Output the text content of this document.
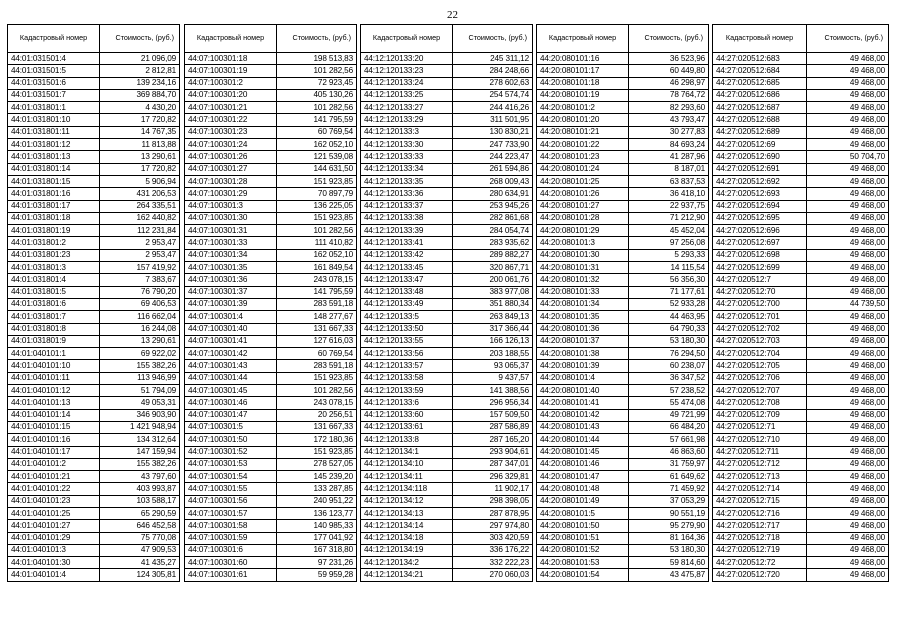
22
Кадастровый номер	Стоимость, (руб.)
44:01:031501:4	21 096,09
44:01:031501:5	2 812,81
44:01:031501:6	139 234,16
44:01:031501:7	369 884,70
44:01:031801:1	4 430,20
44:01:031801:10	17 720,82
44:01:031801:11	14 767,35
44:01:031801:12	11 813,88
44:01:031801:13	13 290,61
44:01:031801:14	17 720,82
44:01:031801:15	5 906,94
44:01:031801:16	431 206,53
44:01:031801:17	264 335,51
44:01:031801:18	162 440,82
44:01:031801:19	112 231,84
44:01:031801:2	2 953,47
44:01:031801:23	2 953,47
44:01:031801:3	157 419,92
44:01:031801:4	7 383,67
44:01:031801:5	76 790,20
44:01:031801:6	69 406,53
44:01:031801:7	116 662,04
44:01:031801:8	16 244,08
44:01:031801:9	13 290,61
44:01:040101:1	69 922,02
44:01:040101:10	155 382,26
44:01:040101:11	113 946,99
44:01:040101:12	51 794,09
44:01:040101:13	49 053,31
44:01:040101:14	346 903,90
44:01:040101:15	1 421 948,94
44:01:040101:16	134 312,64
44:01:040101:17	147 159,94
44:01:040101:2	155 382,26
44:01:040101:21	43 797,60
44:01:040101:22	403 993,87
44:01:040101:23	103 588,17
44:01:040101:25	65 290,59
44:01:040101:27	646 452,58
44:01:040101:29	75 770,08
44:01:040101:3	47 909,53
44:01:040101:30	41 435,27
44:01:040101:4	124 305,81
Кадастровый номер	Стоимость, (руб.)
44:07:100301:18	198 513,83
44:07:100301:19	101 282,56
44:07:100301:2	72 923,45
44:07:100301:20	405 130,26
44:07:100301:21	101 282,56
44:07:100301:22	141 795,59
44:07:100301:23	60 769,54
44:07:100301:24	162 052,10
44:07:100301:26	121 539,08
44:07:100301:27	144 631,50
44:07:100301:28	151 923,85
44:07:100301:29	70 897,79
44:07:100301:3	136 225,05
44:07:100301:30	151 923,85
44:07:100301:31	101 282,56
44:07:100301:33	111 410,82
44:07:100301:34	162 052,10
44:07:100301:35	161 849,54
44:07:100301:36	243 078,15
44:07:100301:37	141 795,59
44:07:100301:39	283 591,18
44:07:100301:4	148 277,67
44:07:100301:40	131 667,33
44:07:100301:41	127 616,03
44:07:100301:42	60 769,54
44:07:100301:43	283 591,18
44:07:100301:44	151 923,85
44:07:100301:45	101 282,56
44:07:100301:46	243 078,15
44:07:100301:47	20 256,51
44:07:100301:5	131 667,33
44:07:100301:50	172 180,36
44:07:100301:52	151 923,85
44:07:100301:53	278 527,05
44:07:100301:54	145 239,20
44:07:100301:55	133 287,85
44:07:100301:56	240 951,22
44:07:100301:57	136 123,77
44:07:100301:58	140 985,33
44:07:100301:59	177 041,92
44:07:100301:6	167 318,80
44:07:100301:60	97 231,26
44:07:100301:61	59 959,28
Кадастровый номер	Стоимость, (руб.)
44:12:120133:20	245 311,12
44:12:120133:23	284 248,66
44:12:120133:24	278 602,63
44:12:120133:25	254 574,74
44:12:120133:27	244 416,26
44:12:120133:29	311 501,95
44:12:120133:3	130 830,21
44:12:120133:30	247 733,90
44:12:120133:33	244 223,47
44:12:120133:34	261 594,86
44:12:120133:35	268 009,43
44:12:120133:36	280 634,91
44:12:120133:37	253 945,26
44:12:120133:38	282 861,68
44:12:120133:39	284 054,74
44:12:120133:41	283 935,62
44:12:120133:42	289 882,27
44:12:120133:45	320 867,71
44:12:120133:47	200 061,76
44:12:120133:48	383 977,08
44:12:120133:49	351 880,34
44:12:120133:5	263 849,13
44:12:120133:50	317 366,44
44:12:120133:55	166 126,13
44:12:120133:56	203 188,55
44:12:120133:57	93 065,37
44:12:120133:58	9 437,57
44:12:120133:59	141 388,56
44:12:120133:6	296 956,34
44:12:120133:60	157 509,50
44:12:120133:61	287 586,89
44:12:120133:8	287 165,20
44:12:120134:1	293 904,61
44:12:120134:10	287 347,01
44:12:120134:11	296 329,81
44:12:120134:118	11 902,17
44:12:120134:12	298 398,05
44:12:120134:13	287 878,95
44:12:120134:14	297 974,80
44:12:120134:18	303 420,59
44:12:120134:19	336 176,22
44:12:120134:2	332 222,23
44:12:120134:21	270 060,03
Кадастровый номер	Стоимость, (руб.)
44:20:080101:16	36 523,96
44:20:080101:17	60 449,80
44:20:080101:18	46 298,97
44:20:080101:19	78 764,72
44:20:080101:2	82 293,60
44:20:080101:20	43 793,47
44:20:080101:21	30 277,83
44:20:080101:22	84 693,24
44:20:080101:23	41 287,96
44:20:080101:24	8 187,01
44:20:080101:25	63 837,53
44:20:080101:26	36 418,10
44:20:080101:27	22 937,75
44:20:080101:28	71 212,90
44:20:080101:29	45 452,04
44:20:080101:3	97 256,08
44:20:080101:30	5 293,33
44:20:080101:31	14 115,54
44:20:080101:32	56 356,30
44:20:080101:33	71 177,61
44:20:080101:34	52 933,28
44:20:080101:35	44 463,95
44:20:080101:36	64 790,33
44:20:080101:37	53 180,30
44:20:080101:38	76 294,50
44:20:080101:39	60 238,07
44:20:080101:4	36 347,52
44:20:080101:40	57 238,52
44:20:080101:41	55 474,08
44:20:080101:42	49 721,99
44:20:080101:43	66 484,20
44:20:080101:44	57 661,98
44:20:080101:45	46 863,60
44:20:080101:46	31 759,97
44:20:080101:47	61 649,62
44:20:080101:48	71 459,92
44:20:080101:49	37 053,29
44:20:080101:5	90 551,19
44:20:080101:50	95 279,90
44:20:080101:51	81 164,36
44:20:080101:52	53 180,30
44:20:080101:53	59 814,60
44:20:080101:54	43 475,87
Кадастровый номер	Стоимость, (руб.)
44:27:020512:683	49 468,00
44:27:020512:684	49 468,00
44:27:020512:685	49 468,00
44:27:020512:686	49 468,00
44:27:020512:687	49 468,00
44:27:020512:688	49 468,00
44:27:020512:689	49 468,00
44:27:020512:69	49 468,00
44:27:020512:690	50 704,70
44:27:020512:691	49 468,00
44:27:020512:692	49 468,00
44:27:020512:693	49 468,00
44:27:020512:694	49 468,00
44:27:020512:695	49 468,00
44:27:020512:696	49 468,00
44:27:020512:697	49 468,00
44:27:020512:698	49 468,00
44:27:020512:699	49 468,00
44:27:020512:7	49 468,00
44:27:020512:70	49 468,00
44:27:020512:700	44 739,50
44:27:020512:701	49 468,00
44:27:020512:702	49 468,00
44:27:020512:703	49 468,00
44:27:020512:704	49 468,00
44:27:020512:705	49 468,00
44:27:020512:706	49 468,00
44:27:020512:707	49 468,00
44:27:020512:708	49 468,00
44:27:020512:709	49 468,00
44:27:020512:71	49 468,00
44:27:020512:710	49 468,00
44:27:020512:711	49 468,00
44:27:020512:712	49 468,00
44:27:020512:713	49 468,00
44:27:020512:714	49 468,00
44:27:020512:715	49 468,00
44:27:020512:716	49 468,00
44:27:020512:717	49 468,00
44:27:020512:718	49 468,00
44:27:020512:719	49 468,00
44:27:020512:72	49 468,00
44:27:020512:720	49 468,00
